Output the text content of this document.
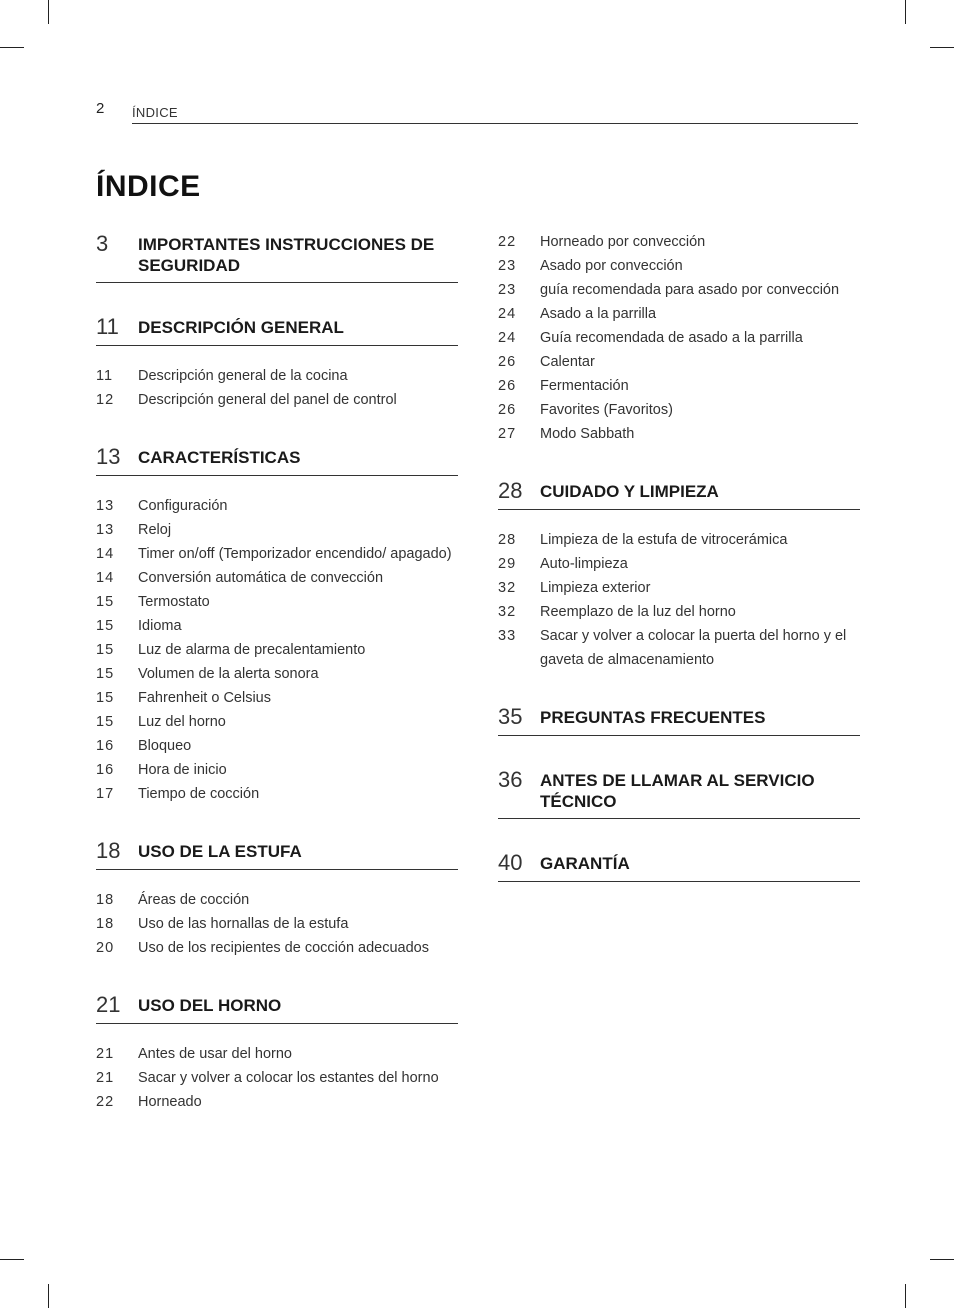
2 ÍNDICE
ÍNDICE
3	IMPORTANTES INSTRUCCIONES DE SEGURIDAD
11	DESCRIPCIÓN GENERAL
11	Descripción general de la cocina
12	Descripción general del panel de control
13	CARACTERÍSTICAS
13	Configuración
13	Reloj
14	Timer on/off (Temporizador encendido/ apagado)
14	Conversión automática de convección
15	Termostato
15	Idioma
15	Luz de alarma de precalentamiento
15	Volumen de la alerta sonora
15	Fahrenheit o Celsius
15	Luz del horno
16	Bloqueo
16	Hora de inicio
17	Tiempo de cocción
18	USO DE LA ESTUFA
18	Áreas de cocción
18	Uso de las hornallas de la estufa
20	Uso de los recipientes de cocción adecuados
21	USO DEL HORNO
21	Antes de usar del horno
21	Sacar y volver a colocar los estantes del horno
22	Horneado
22	Horneado por convección
23	Asado por convección
23	guía recomendada para asado por convección
24	Asado a la parrilla
24	Guía recomendada de asado a la parrilla
26	Calentar
26	Fermentación
26	Favorites (Favoritos)
27	Modo Sabbath
28	CUIDADO Y LIMPIEZA
28	Limpieza de la estufa de vitrocerámica
29	Auto-limpieza
32	Limpieza exterior
32	Reemplazo de la luz del horno
33	Sacar y volver a colocar la puerta del horno y el gaveta de almacenamiento
35	PREGUNTAS FRECUENTES
36	ANTES DE LLAMAR AL SERVICIO TÉCNICO
40	GARANTÍA
